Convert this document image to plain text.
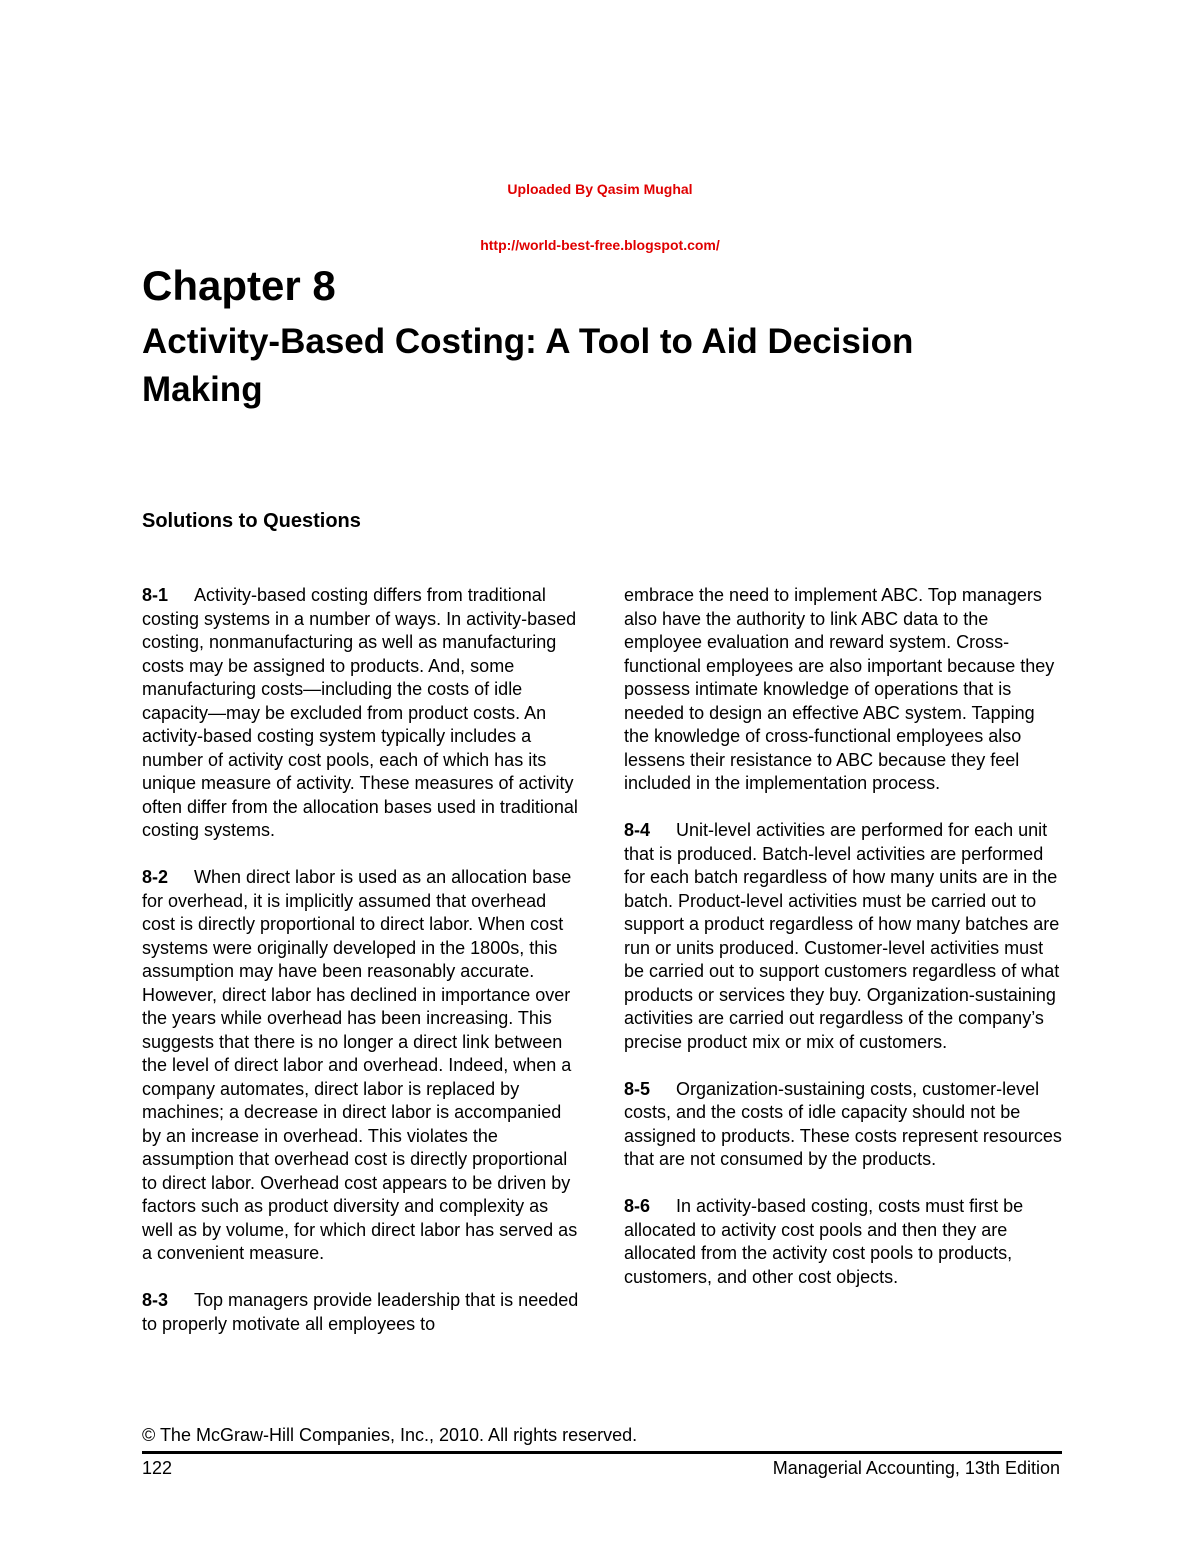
Uploaded By Qasim Mughal
http://world-best-free.blogspot.com/
Chapter 8
Activity-Based Costing: A Tool to Aid Decision Making
Solutions to Questions

8-1 Activity-based costing differs from traditional costing systems in a number of ways. In activity-based costing, nonmanufacturing as well as manufacturing costs may be assigned to products. And, some manufacturing costs—including the costs of idle capacity—may be excluded from product costs. An activity-based costing system typically includes a number of activity cost pools, each of which has its unique measure of activity. These measures of activity often differ from the allocation bases used in traditional costing systems.

8-2 When direct labor is used as an allocation base for overhead, it is implicitly assumed that overhead cost is directly proportional to direct labor. When cost systems were originally developed in the 1800s, this assumption may have been reasonably accurate. However, direct labor has declined in importance over the years while overhead has been increasing. This suggests that there is no longer a direct link between the level of direct labor and overhead. Indeed, when a company automates, direct labor is replaced by machines; a decrease in direct labor is accompanied by an increase in overhead. This violates the assumption that overhead cost is directly proportional to direct labor. Overhead cost appears to be driven by factors such as product diversity and complexity as well as by volume, for which direct labor has served as a convenient measure.

8-3 Top managers provide leadership that is needed to properly motivate all employees to

embrace the need to implement ABC. Top managers also have the authority to link ABC data to the employee evaluation and reward system. Cross-functional employees are also important because they possess intimate knowledge of operations that is needed to design an effective ABC system. Tapping the knowledge of cross-functional employees also lessens their resistance to ABC because they feel included in the implementation process.

8-4 Unit-level activities are performed for each unit that is produced. Batch-level activities are performed for each batch regardless of how many units are in the batch. Product-level activities must be carried out to support a product regardless of how many batches are run or units produced. Customer-level activities must be carried out to support customers regardless of what products or services they buy. Organization-sustaining activities are carried out regardless of the company’s precise product mix or mix of customers.

8-5 Organization-sustaining costs, customer-level costs, and the costs of idle capacity should not be assigned to products. These costs represent resources that are not consumed by the products.

8-6 In activity-based costing, costs must first be allocated to activity cost pools and then they are allocated from the activity cost pools to products, customers, and other cost objects.

© The McGraw-Hill Companies, Inc., 2010. All rights reserved.
122	Managerial Accounting, 13th Edition
